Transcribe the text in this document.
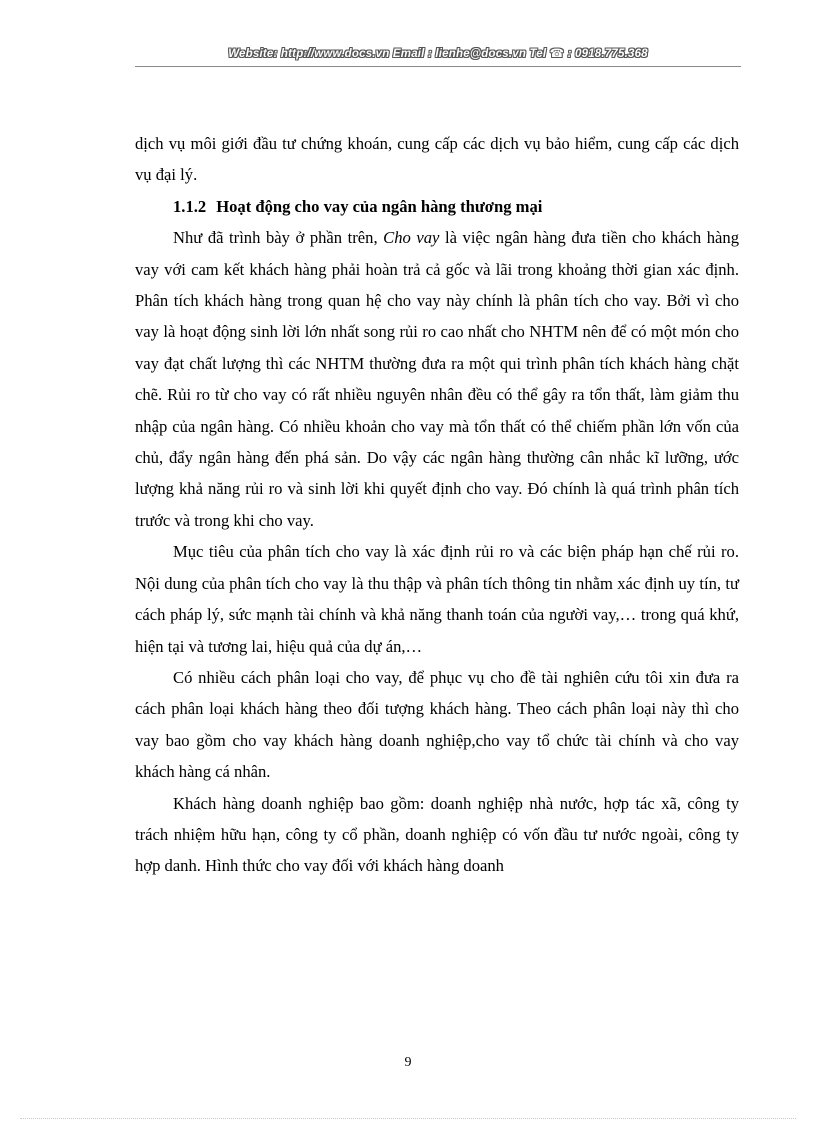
Website: http://www.docs.vn Email : lienhe@docs.vn Tel ☎ : 0918.775.368

dịch vụ môi giới đầu tư chứng khoán, cung cấp các dịch vụ bảo hiểm, cung cấp các dịch vụ đại lý.

1.1.2 Hoạt động cho vay của ngân hàng thương mại

Như đã trình bày ở phần trên, Cho vay là việc ngân hàng đưa tiền cho khách hàng vay với cam kết khách hàng phải hoàn trả cả gốc và lãi trong khoảng thời gian xác định. Phân tích khách hàng trong quan hệ cho vay này chính là phân tích cho vay. Bởi vì cho vay là hoạt động sinh lời lớn nhất song rủi ro cao nhất cho NHTM nên để có một món cho vay đạt chất lượng thì các NHTM thường đưa ra một qui trình phân tích khách hàng chặt chẽ. Rủi ro từ cho vay có rất nhiều nguyên nhân đều có thể gây ra tổn thất, làm giảm thu nhập của ngân hàng. Có nhiều khoản cho vay mà tổn thất có thể chiếm phần lớn vốn của chủ, đẩy ngân hàng đến phá sản. Do vậy các ngân hàng thường cân nhắc kĩ lưỡng, ước lượng khả năng rủi ro và sinh lời khi quyết định cho vay. Đó chính là quá trình phân tích trước và trong khi cho vay.

Mục tiêu của phân tích cho vay là xác định rủi ro và các biện pháp hạn chế rủi ro. Nội dung của phân tích cho vay là thu thập và phân tích thông tin nhằm xác định uy tín, tư cách pháp lý, sức mạnh tài chính và khả năng thanh toán của người vay,… trong quá khứ, hiện tại và tương lai, hiệu quả của dự án,…

Có nhiều cách phân loại cho vay, để phục vụ cho đề tài nghiên cứu tôi xin đưa ra cách phân loại khách hàng theo đối tượng khách hàng. Theo cách phân loại này thì cho vay bao gồm cho vay khách hàng doanh nghiệp,cho vay tổ chức tài chính và cho vay khách hàng cá nhân.

Khách hàng doanh nghiệp bao gồm: doanh nghiệp nhà nước, hợp tác xã, công ty trách nhiệm hữu hạn, công ty cổ phần, doanh nghiệp có vốn đầu tư nước ngoài, công ty hợp danh. Hình thức cho vay đối với khách hàng doanh

9
